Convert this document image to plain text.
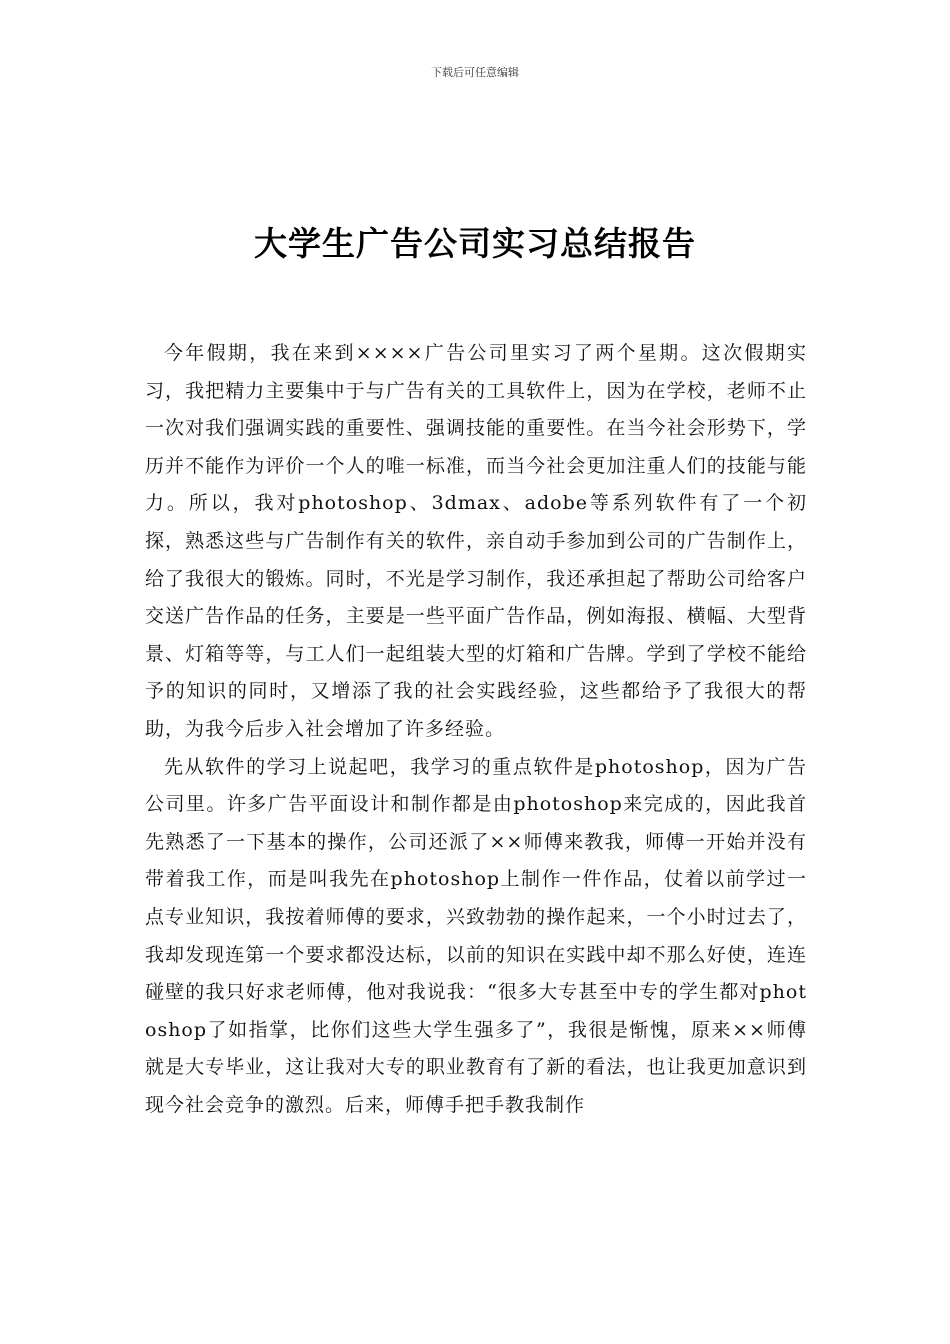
下载后可任意编辑
大学生广告公司实习总结报告

今年假期，我在来到××××广告公司里实习了两个星期。这次假期实习，我把精力主要集中于与广告有关的工具软件上，因为在学校，老师不止一次对我们强调实践的重要性、强调技能的重要性。在当今社会形势下，学历并不能作为评价一个人的唯一标准，而当今社会更加注重人们的技能与能力。所以，我对photoshop、3dmax、adobe等系列软件有了一个初探，熟悉这些与广告制作有关的软件，亲自动手参加到公司的广告制作上，给了我很大的锻炼。同时，不光是学习制作，我还承担起了帮助公司给客户交送广告作品的任务，主要是一些平面广告作品，例如海报、横幅、大型背景、灯箱等等，与工人们一起组装大型的灯箱和广告牌。学到了学校不能给予的知识的同时，又增添了我的社会实践经验，这些都给予了我很大的帮助，为我今后步入社会增加了许多经验。

先从软件的学习上说起吧，我学习的重点软件是photoshop，因为广告公司里。许多广告平面设计和制作都是由photoshop来完成的，因此我首先熟悉了一下基本的操作，公司还派了××师傅来教我，师傅一开始并没有带着我工作，而是叫我先在photoshop上制作一件作品，仗着以前学过一点专业知识，我按着师傅的要求，兴致勃勃的操作起来，一个小时过去了，我却发现连第一个要求都没达标，以前的知识在实践中却不那么好使，连连碰壁的我只好求老师傅，他对我说我：“很多大专甚至中专的学生都对photoshop了如指掌，比你们这些大学生强多了”，我很是惭愧，原来××师傅就是大专毕业，这让我对大专的职业教育有了新的看法，也让我更加意识到现今社会竞争的激烈。后来，师傅手把手教我制作
